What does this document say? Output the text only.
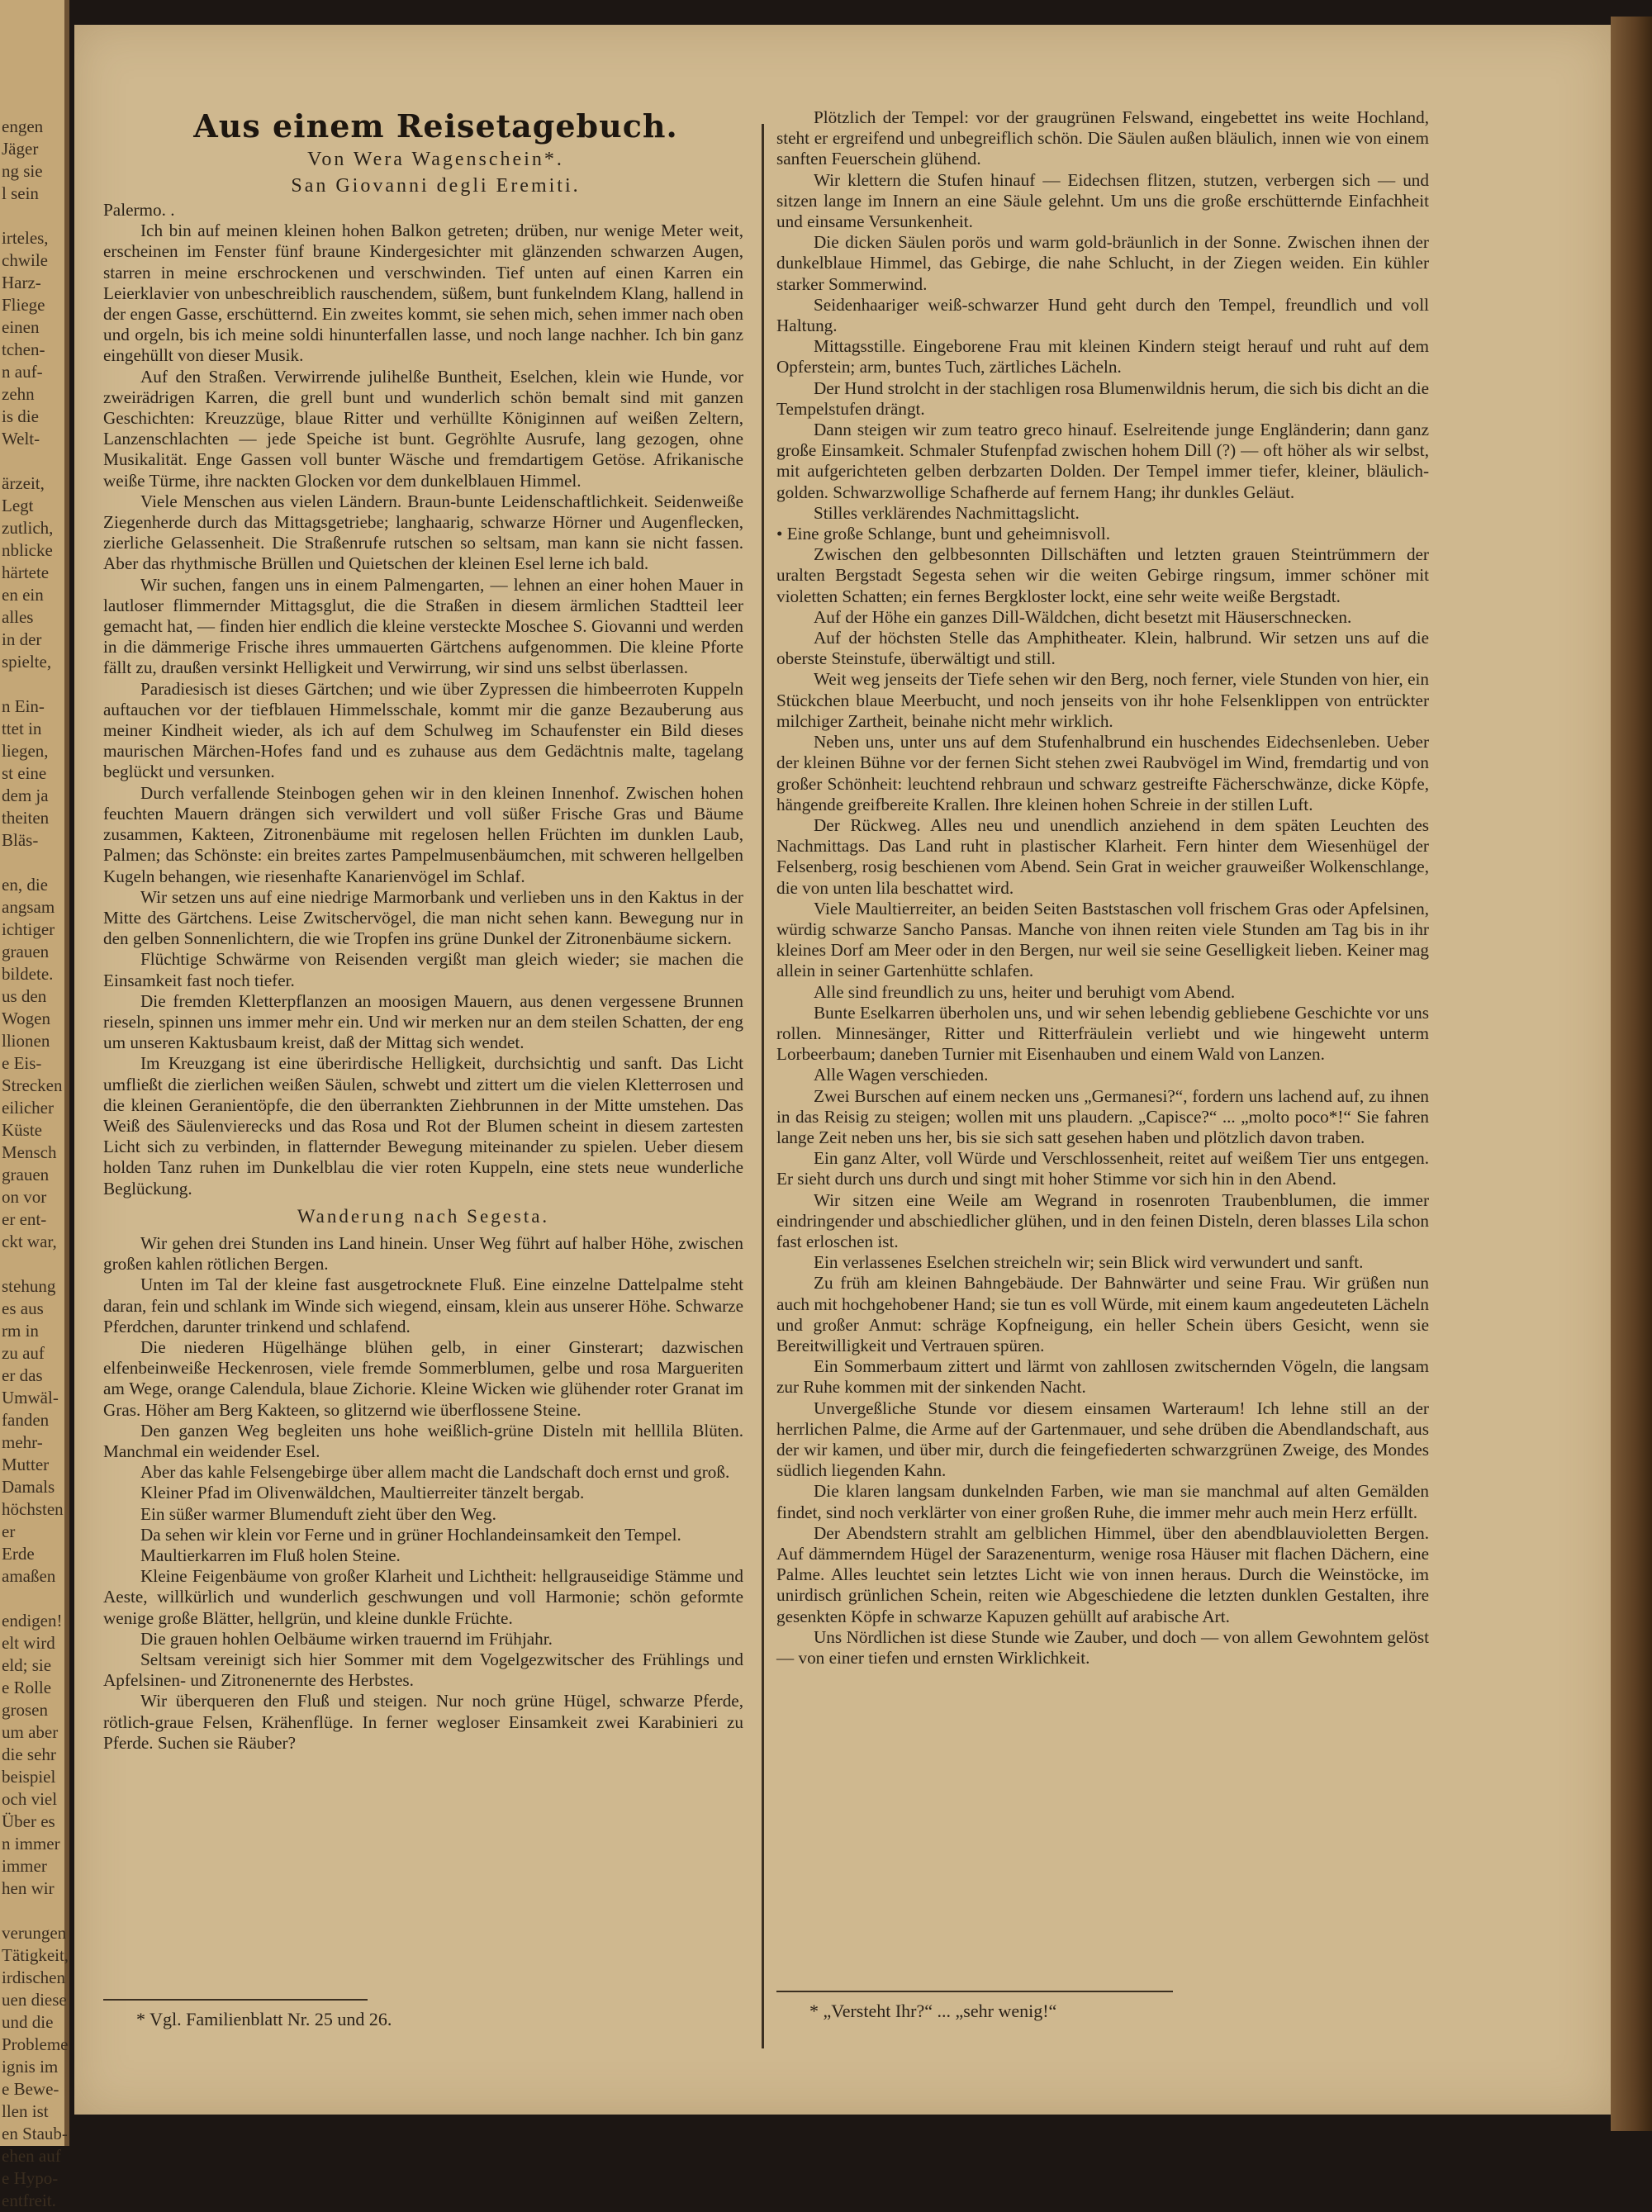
engen
Jäger
ng sie
l sein

irteles,
chwile
Harz-
Fliege
einen
tchen-
n auf-
zehn
is die
Welt-

ärzeit,
Legt
zutlich,
nblicke
härtete
en ein
alles
in der
spielte,

n Ein-
ttet in
liegen,
st eine
dem ja
theiten
Bläs-

en, die
angsam
ichtiger
grauen
bildete.
us den
Wogen
llionen
e Eis-
Strecken
eilicher
Küste
Mensch
grauen
on vor
er ent-
ckt war,

stehung
es aus
rm in
zu auf
er das
Umwäl-
fanden
mehr-
Mutter
Damals
höchsten
er
Erde
amaßen

endigen!
elt wird
eld; sie
e Rolle
grosen
um aber
die sehr
beispiel
och viel
Über es
n immer
immer
hen wir

verungen
Tätigkeit,
irdischen
uen diese
und die
Probleme
ignis im
e Bewe-
llen ist
en Staub-
ehen auf
e Hypo-
entfreit.
Aus einem Reisetagebuch.
Von Wera Wagenschein*.
San Giovanni degli Eremiti.

Palermo. .

Ich bin auf meinen kleinen hohen Balkon getreten; drüben, nur wenige Meter weit, erscheinen im Fenster fünf braune Kindergesichter mit glänzenden schwarzen Augen, starren in meine erschrockenen und verschwinden. Tief unten auf einen Karren ein Leierklavier von unbeschreiblich rauschendem, süßem, bunt funkelndem Klang, hallend in der engen Gasse, erschütternd. Ein zweites kommt, sie sehen mich, sehen immer nach oben und orgeln, bis ich meine soldi hinunterfallen lasse, und noch lange nachher. Ich bin ganz eingehüllt von dieser Musik.

Auf den Straßen. Verwirrende julihelße Buntheit, Eselchen, klein wie Hunde, vor zweirädrigen Karren, die grell bunt und wunderlich schön bemalt sind mit ganzen Geschichten: Kreuzzüge, blaue Ritter und verhüllte Königinnen auf weißen Zeltern, Lanzenschlachten — jede Speiche ist bunt. Gegröhlte Ausrufe, lang gezogen, ohne Musikalität. Enge Gassen voll bunter Wäsche und fremdartigem Getöse. Afrikanische weiße Türme, ihre nackten Glocken vor dem dunkelblauen Himmel.

Viele Menschen aus vielen Ländern. Braun-bunte Leidenschaftlichkeit. Seidenweiße Ziegenherde durch das Mittagsgetriebe; langhaarig, schwarze Hörner und Augenflecken, zierliche Gelassenheit. Die Straßenrufe rutschen so seltsam, man kann sie nicht fassen. Aber das rhythmische Brüllen und Quietschen der kleinen Esel lerne ich bald.

Wir suchen, fangen uns in einem Palmengarten, — lehnen an einer hohen Mauer in lautloser flimmernder Mittagsglut, die die Straßen in diesem ärmlichen Stadtteil leer gemacht hat, — finden hier endlich die kleine versteckte Moschee S. Giovanni und werden in die dämmerige Frische ihres ummauerten Gärtchens aufgenommen. Die kleine Pforte fällt zu, draußen versinkt Helligkeit und Verwirrung, wir sind uns selbst überlassen.

Paradiesisch ist dieses Gärtchen; und wie über Zypressen die himbeerroten Kuppeln auftauchen vor der tiefblauen Himmelsschale, kommt mir die ganze Bezauberung aus meiner Kindheit wieder, als ich auf dem Schulweg im Schaufenster ein Bild dieses maurischen Märchen-Hofes fand und es zuhause aus dem Gedächtnis malte, tagelang beglückt und versunken.

Durch verfallende Steinbogen gehen wir in den kleinen Innenhof. Zwischen hohen feuchten Mauern drängen sich verwildert und voll süßer Frische Gras und Bäume zusammen, Kakteen, Zitronenbäume mit regelosen hellen Früchten im dunklen Laub, Palmen; das Schönste: ein breites zartes Pampelmusenbäumchen, mit schweren hellgelben Kugeln behangen, wie riesenhafte Kanarienvögel im Schlaf.

Wir setzen uns auf eine niedrige Marmorbank und verlieben uns in den Kaktus in der Mitte des Gärtchens. Leise Zwitschervögel, die man nicht sehen kann. Bewegung nur in den gelben Sonnenlichtern, die wie Tropfen ins grüne Dunkel der Zitronenbäume sickern.

Flüchtige Schwärme von Reisenden vergißt man gleich wieder; sie machen die Einsamkeit fast noch tiefer.

Die fremden Kletterpflanzen an moosigen Mauern, aus denen vergessene Brunnen rieseln, spinnen uns immer mehr ein. Und wir merken nur an dem steilen Schatten, der eng um unseren Kaktusbaum kreist, daß der Mittag sich wendet.

Im Kreuzgang ist eine überirdische Helligkeit, durchsichtig und sanft. Das Licht umfließt die zierlichen weißen Säulen, schwebt und zittert um die vielen Kletterrosen und die kleinen Geranientöpfe, die den überrankten Ziehbrunnen in der Mitte umstehen. Das Weiß des Säulenvierecks und das Rosa und Rot der Blumen scheint in diesem zartesten Licht sich zu verbinden, in flatternder Bewegung miteinander zu spielen. Ueber diesem holden Tanz ruhen im Dunkelblau die vier roten Kuppeln, eine stets neue wunderliche Beglückung.

Wanderung nach Segesta.

Wir gehen drei Stunden ins Land hinein. Unser Weg führt auf halber Höhe, zwischen großen kahlen rötlichen Bergen.

Unten im Tal der kleine fast ausgetrocknete Fluß. Eine einzelne Dattelpalme steht daran, fein und schlank im Winde sich wiegend, einsam, klein aus unserer Höhe. Schwarze Pferdchen, darunter trinkend und schlafend.

Die niederen Hügelhänge blühen gelb, in einer Ginsterart; dazwischen elfenbeinweiße Heckenrosen, viele fremde Sommerblumen, gelbe und rosa Margueriten am Wege, orange Calendula, blaue Zichorie. Kleine Wicken wie glühender roter Granat im Gras. Höher am Berg Kakteen, so glitzernd wie überflossene Steine.

Den ganzen Weg begleiten uns hohe weißlich-grüne Disteln mit helllila Blüten. Manchmal ein weidender Esel.

Aber das kahle Felsengebirge über allem macht die Landschaft doch ernst und groß.

Kleiner Pfad im Olivenwäldchen, Maultierreiter tänzelt bergab.

Ein süßer warmer Blumenduft zieht über den Weg.

Da sehen wir klein vor Ferne und in grüner Hochlandeinsamkeit den Tempel.

Maultierkarren im Fluß holen Steine.

Kleine Feigenbäume von großer Klarheit und Lichtheit: hellgrauseidige Stämme und Aeste, willkürlich und wunderlich geschwungen und voll Harmonie; schön geformte wenige große Blätter, hellgrün, und kleine dunkle Früchte.

Die grauen hohlen Oelbäume wirken trauernd im Frühjahr.

Seltsam vereinigt sich hier Sommer mit dem Vogelgezwitscher des Frühlings und Apfelsinen- und Zitronenernte des Herbstes.

Wir überqueren den Fluß und steigen. Nur noch grüne Hügel, schwarze Pferde, rötlich-graue Felsen, Krähenflüge. In ferner wegloser Einsamkeit zwei Karabinieri zu Pferde. Suchen sie Räuber?

* Vgl. Familienblatt Nr. 25 und 26.

Plötzlich der Tempel: vor der graugrünen Felswand, eingebettet ins weite Hochland, steht er ergreifend und unbegreiflich schön. Die Säulen außen bläulich, innen wie von einem sanften Feuerschein glühend.

Wir klettern die Stufen hinauf — Eidechsen flitzen, stutzen, verbergen sich — und sitzen lange im Innern an eine Säule gelehnt. Um uns die große erschütternde Einfachheit und einsame Versunkenheit.

Die dicken Säulen porös und warm gold-bräunlich in der Sonne. Zwischen ihnen der dunkelblaue Himmel, das Gebirge, die nahe Schlucht, in der Ziegen weiden. Ein kühler starker Sommerwind.

Seidenhaariger weiß-schwarzer Hund geht durch den Tempel, freundlich und voll Haltung.

Mittagsstille. Eingeborene Frau mit kleinen Kindern steigt herauf und ruht auf dem Opferstein; arm, buntes Tuch, zärtliches Lächeln.

Der Hund strolcht in der stachligen rosa Blumenwildnis herum, die sich bis dicht an die Tempelstufen drängt.

Dann steigen wir zum teatro greco hinauf. Eselreitende junge Engländerin; dann ganz große Einsamkeit. Schmaler Stufenpfad zwischen hohem Dill (?) — oft höher als wir selbst, mit aufgerichteten gelben derbzarten Dolden. Der Tempel immer tiefer, kleiner, bläulich-golden. Schwarzwollige Schafherde auf fernem Hang; ihr dunkles Geläut.

Stilles verklärendes Nachmittagslicht.

• Eine große Schlange, bunt und geheimnisvoll.

Zwischen den gelbbesonnten Dillschäften und letzten grauen Steintrümmern der uralten Bergstadt Segesta sehen wir die weiten Gebirge ringsum, immer schöner mit violetten Schatten; ein fernes Bergkloster lockt, eine sehr weite weiße Bergstadt.

Auf der Höhe ein ganzes Dill-Wäldchen, dicht besetzt mit Häuserschnecken.

Auf der höchsten Stelle das Amphitheater. Klein, halbrund. Wir setzen uns auf die oberste Steinstufe, überwältigt und still.

Weit weg jenseits der Tiefe sehen wir den Berg, noch ferner, viele Stunden von hier, ein Stückchen blaue Meerbucht, und noch jenseits von ihr hohe Felsenklippen von entrückter milchiger Zartheit, beinahe nicht mehr wirklich.

Neben uns, unter uns auf dem Stufenhalbrund ein huschendes Eidechsenleben. Ueber der kleinen Bühne vor der fernen Sicht stehen zwei Raubvögel im Wind, fremdartig und von großer Schönheit: leuchtend rehbraun und schwarz gestreifte Fächerschwänze, dicke Köpfe, hängende greifbereite Krallen. Ihre kleinen hohen Schreie in der stillen Luft.

Der Rückweg. Alles neu und unendlich anziehend in dem späten Leuchten des Nachmittags. Das Land ruht in plastischer Klarheit. Fern hinter dem Wiesenhügel der Felsenberg, rosig beschienen vom Abend. Sein Grat in weicher grauweißer Wolkenschlange, die von unten lila beschattet wird.

Viele Maultierreiter, an beiden Seiten Baststaschen voll frischem Gras oder Apfelsinen, würdig schwarze Sancho Pansas. Manche von ihnen reiten viele Stunden am Tag bis in ihr kleines Dorf am Meer oder in den Bergen, nur weil sie seine Geselligkeit lieben. Keiner mag allein in seiner Gartenhütte schlafen.

Alle sind freundlich zu uns, heiter und beruhigt vom Abend.

Bunte Eselkarren überholen uns, und wir sehen lebendig gebliebene Geschichte vor uns rollen. Minnesänger, Ritter und Ritterfräulein verliebt und wie hingeweht unterm Lorbeerbaum; daneben Turnier mit Eisenhauben und einem Wald von Lanzen.

Alle Wagen verschieden.

Zwei Burschen auf einem necken uns „Germanesi?“, fordern uns lachend auf, zu ihnen in das Reisig zu steigen; wollen mit uns plaudern. „Capisce?“ ... „molto poco*!“ Sie fahren lange Zeit neben uns her, bis sie sich satt gesehen haben und plötzlich davon traben.

Ein ganz Alter, voll Würde und Verschlossenheit, reitet auf weißem Tier uns entgegen. Er sieht durch uns durch und singt mit hoher Stimme vor sich hin in den Abend.

Wir sitzen eine Weile am Wegrand in rosenroten Traubenblumen, die immer eindringender und abschiedlicher glühen, und in den feinen Disteln, deren blasses Lila schon fast erloschen ist.

Ein verlassenes Eselchen streicheln wir; sein Blick wird verwundert und sanft.

Zu früh am kleinen Bahngebäude. Der Bahnwärter und seine Frau. Wir grüßen nun auch mit hochgehobener Hand; sie tun es voll Würde, mit einem kaum angedeuteten Lächeln und großer Anmut: schräge Kopfneigung, ein heller Schein übers Gesicht, wenn sie Bereitwilligkeit und Vertrauen spüren.

Ein Sommerbaum zittert und lärmt von zahllosen zwitschernden Vögeln, die langsam zur Ruhe kommen mit der sinkenden Nacht.

Unvergeßliche Stunde vor diesem einsamen Warteraum! Ich lehne still an der herrlichen Palme, die Arme auf der Gartenmauer, und sehe drüben die Abendlandschaft, aus der wir kamen, und über mir, durch die feingefiederten schwarzgrünen Zweige, des Mondes südlich liegenden Kahn.

Die klaren langsam dunkelnden Farben, wie man sie manchmal auf alten Gemälden findet, sind noch verklärter von einer großen Ruhe, die immer mehr auch mein Herz erfüllt.

Der Abendstern strahlt am gelblichen Himmel, über den abendblauvioletten Bergen. Auf dämmerndem Hügel der Sarazenenturm, wenige rosa Häuser mit flachen Dächern, eine Palme. Alles leuchtet sein letztes Licht wie von innen heraus. Durch die Weinstöcke, im unirdisch grünlichen Schein, reiten wie Abgeschiedene die letzten dunklen Gestalten, ihre gesenkten Köpfe in schwarze Kapuzen gehüllt auf arabische Art.

Uns Nördlichen ist diese Stunde wie Zauber, und doch — von allem Gewohntem gelöst — von einer tiefen und ernsten Wirklichkeit.

* „Versteht Ihr?“ ... „sehr wenig!“
